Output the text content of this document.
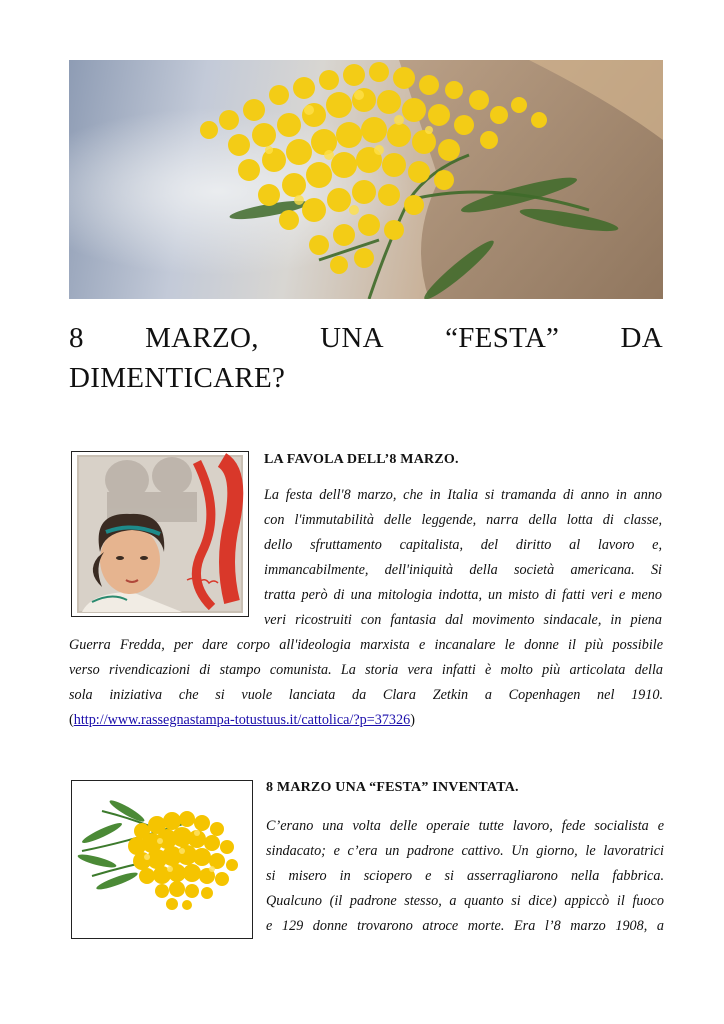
8 MARZO, UNA “FESTA” DA
DIMENTICARE?
LA FAVOLA DELL’8 MARZO.
La festa dell'8 marzo, che in Italia si tramanda di anno in anno
con l'immutabilità delle leggende, narra della lotta di classe,
dello sfruttamento capitalista, del diritto al lavoro e,
immancabilmente, dell'iniquità della società americana. Si
tratta però di una mitologia indotta, un misto di fatti veri e meno
veri ricostruiti con fantasia dal movimento sindacale, in piena
Guerra Fredda, per dare corpo all'ideologia marxista e incanalare le donne il più possibile
verso rivendicazioni di stampo comunista. La storia vera infatti è molto più articolata della
sola iniziativa che si vuole lanciata da Clara Zetkin a Copenhagen nel 1910.
(http://www.rassegnastampa-totustuus.it/cattolica/?p=37326)
8 MARZO UNA “FESTA” INVENTATA.
C’erano una volta delle operaie tutte lavoro, fede socialista e
sindacato; e c’era un padrone cattivo. Un giorno, le lavoratrici
si misero in sciopero e si asserragliarono nella fabbrica.
Qualcuno (il padrone stesso, a quanto si dice) appiccò il fuoco
e 129 donne trovarono atroce morte. Era l’8 marzo 1908, a
